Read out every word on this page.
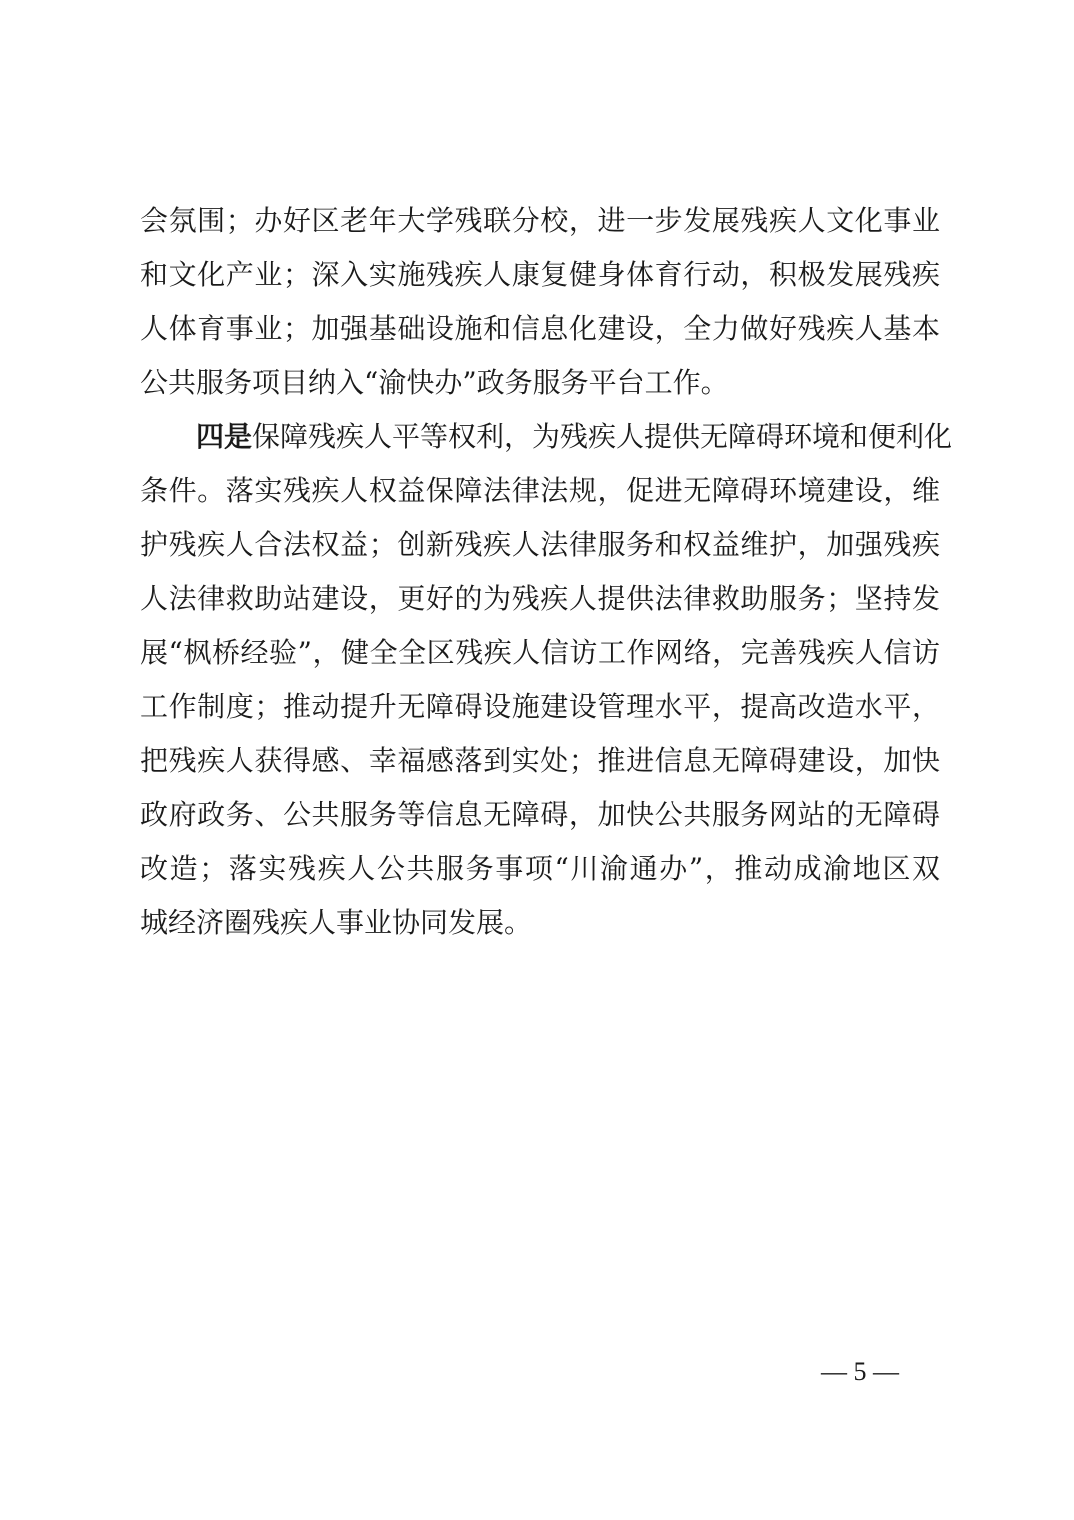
会氛围；办好区老年大学残联分校，进一步发展残疾人文化事业
和文化产业；深入实施残疾人康复健身体育行动，积极发展残疾
人体育事业；加强基础设施和信息化建设，全力做好残疾人基本
公共服务项目纳入“渝快办”政务服务平台工作。
四是保障残疾人平等权利，为残疾人提供无障碍环境和便利化
条件。落实残疾人权益保障法律法规，促进无障碍环境建设，维
护残疾人合法权益；创新残疾人法律服务和权益维护，加强残疾
人法律救助站建设，更好的为残疾人提供法律救助服务；坚持发
展“枫桥经验”，健全全区残疾人信访工作网络，完善残疾人信访
工作制度；推动提升无障碍设施建设管理水平，提高改造水平，
把残疾人获得感、幸福感落到实处；推进信息无障碍建设，加快
政府政务、公共服务等信息无障碍，加快公共服务网站的无障碍
改造；落实残疾人公共服务事项“川渝通办”，推动成渝地区双
城经济圈残疾人事业协同发展。
— 5 —
